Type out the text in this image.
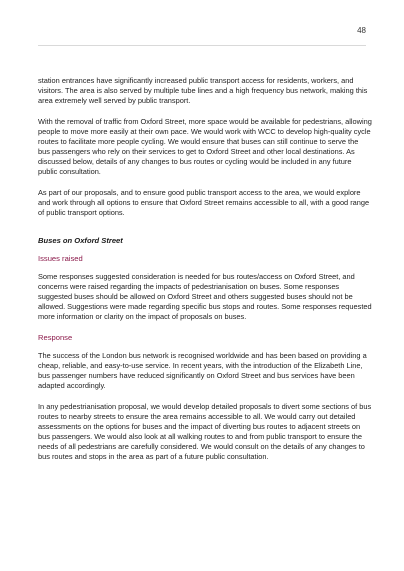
48

station entrances have significantly increased public transport access for residents, workers, and visitors. The area is also served by multiple tube lines and a high frequency bus network, making this area extremely well served by public transport.

With the removal of traffic from Oxford Street, more space would be available for pedestrians, allowing people to move more easily at their own pace. We would work with WCC to develop high-quality cycle routes to facilitate more people cycling. We would ensure that buses can still continue to serve the bus passengers who rely on their services to get to Oxford Street and other local destinations. As discussed below, details of any changes to bus routes or cycling would be included in any future public consultation.

As part of our proposals, and to ensure good public transport access to the area, we would explore and work through all options to ensure that Oxford Street remains accessible to all, with a good range of public transport options.

Buses on Oxford Street
Issues raised

Some responses suggested consideration is needed for bus routes/access on Oxford Street, and concerns were raised regarding the impacts of pedestrianisation on buses. Some responses suggested buses should be allowed on Oxford Street and others suggested buses should not be allowed. Suggestions were made regarding specific bus stops and routes. Some responses requested more information or clarity on the impact of proposals on buses.

Response

The success of the London bus network is recognised worldwide and has been based on providing a cheap, reliable, and easy-to-use service. In recent years, with the introduction of the Elizabeth Line, bus passenger numbers have reduced significantly on Oxford Street and bus services have been adapted accordingly.

In any pedestrianisation proposal, we would develop detailed proposals to divert some sections of bus routes to nearby streets to ensure the area remains accessible to all. We would carry out detailed assessments on the options for buses and the impact of diverting bus routes to adjacent streets on bus passengers. We would also look at all walking routes to and from public transport to ensure the needs of all pedestrians are carefully considered. We would consult on the details of any changes to bus routes and stops in the area as part of a future public consultation.
